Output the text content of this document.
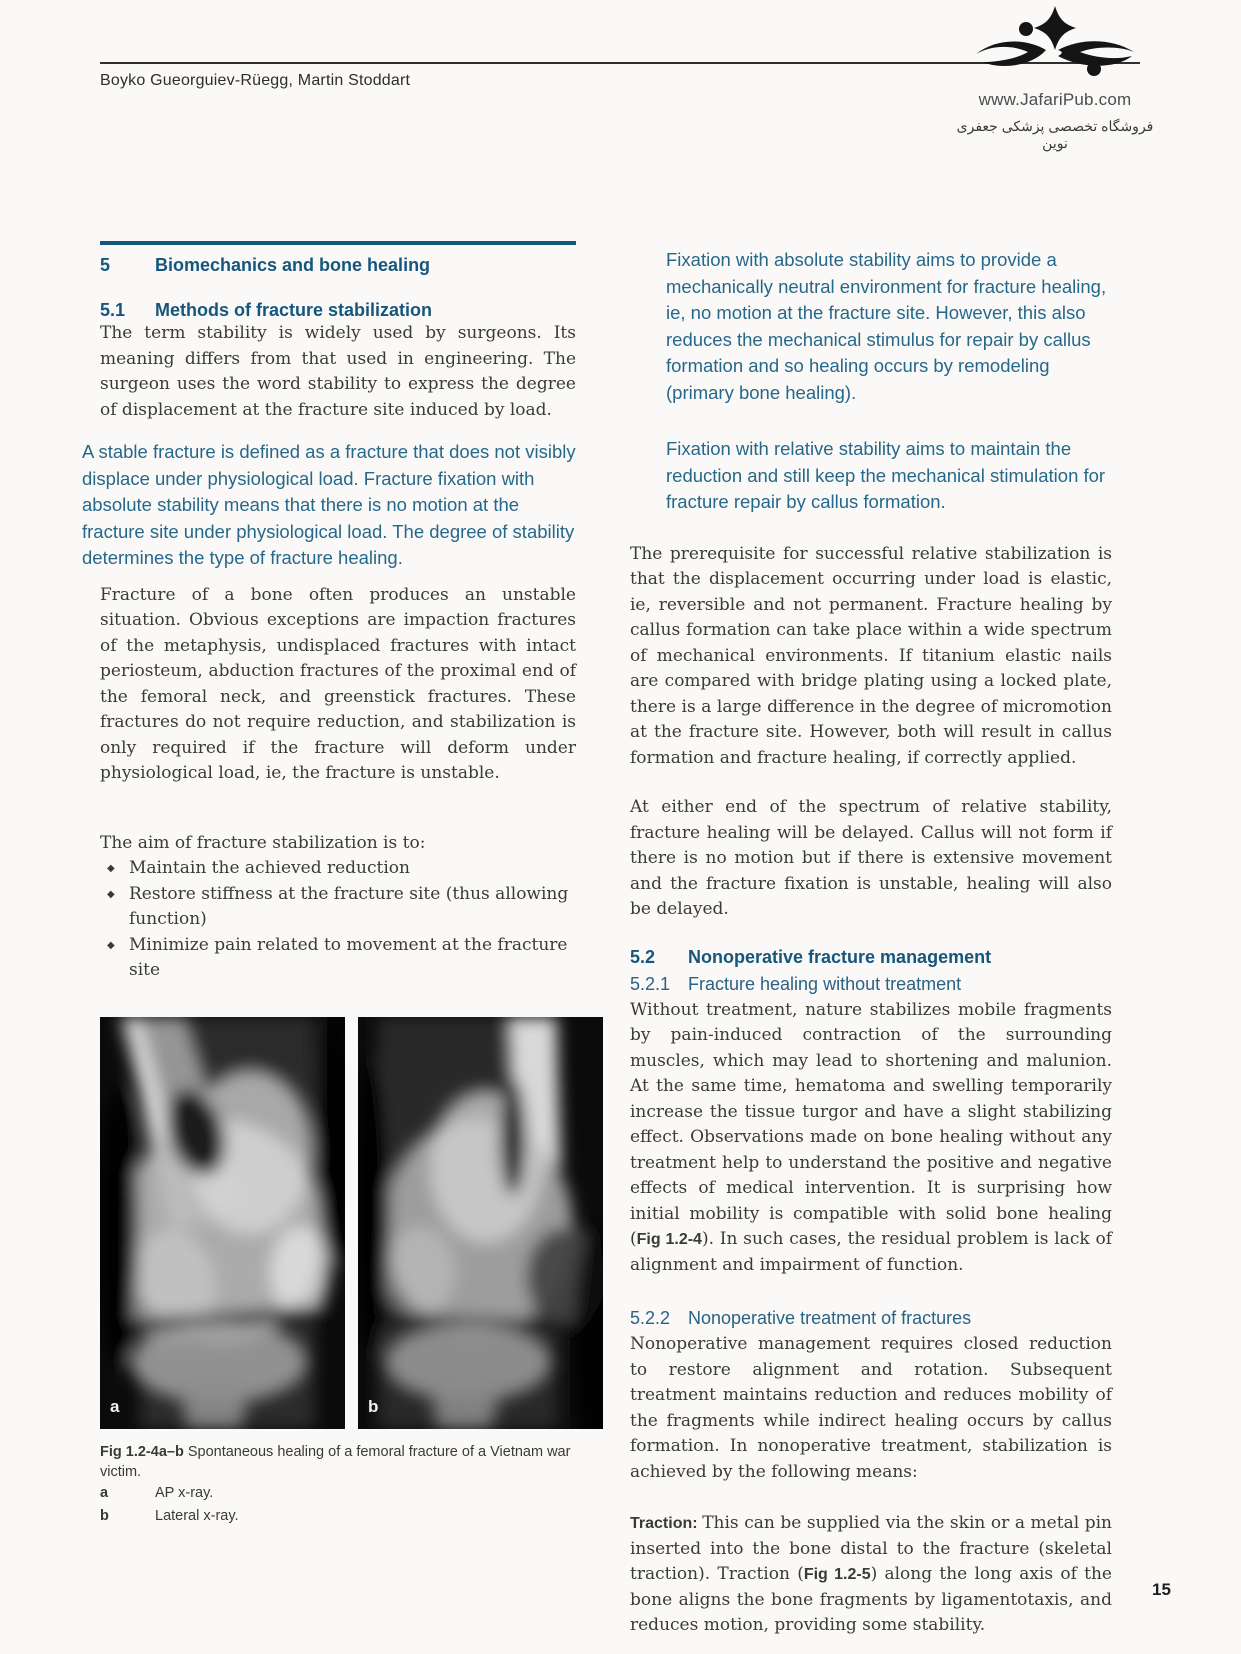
Boyko Gueorguiev-Rüegg, Martin Stoddart
www.JafariPub.com
فروشگاه تخصصی پزشکی جعفری نوین
5 Biomechanics and bone healing
5.1 Methods of fracture stabilization

The term stability is widely used by surgeons. Its meaning differs from that used in engineering. The surgeon uses the word stability to express the degree of displacement at the fracture site induced by load.

A stable fracture is defined as a fracture that does not visibly displace under physiological load. Fracture fixation with absolute stability means that there is no motion at the fracture site under physiological load. The degree of stability determines the type of fracture healing.

Fracture of a bone often produces an unstable situation. Obvious exceptions are impaction fractures of the metaphysis, undisplaced fractures with intact periosteum, abduction fractures of the proximal end of the femoral neck, and greenstick fractures. These fractures do not require reduction, and stabilization is only required if the fracture will deform under physiological load, ie, the fracture is unstable.

The aim of fracture stabilization is to:

◆ Maintain the achieved reduction
◆ Restore stiffness at the fracture site (thus allowing function)
◆ Minimize pain related to movement at the fracture site
a	b
Fig 1.2-4a–b Spontaneous healing of a femoral fracture of a Vietnam war victim.
a	AP x-ray.
b	Lateral x-ray.

Fixation with absolute stability aims to provide a mechanically neutral environment for fracture healing, ie, no motion at the fracture site. However, this also reduces the mechanical stimulus for repair by callus formation and so healing occurs by remodeling (primary bone healing).

Fixation with relative stability aims to maintain the reduction and still keep the mechanical stimulation for fracture repair by callus formation.

The prerequisite for successful relative stabilization is that the displacement occurring under load is elastic, ie, reversible and not permanent. Fracture healing by callus formation can take place within a wide spectrum of mechanical environments. If titanium elastic nails are compared with bridge plating using a locked plate, there is a large difference in the degree of micromotion at the fracture site. However, both will result in callus formation and fracture healing, if correctly applied.

At either end of the spectrum of relative stability, fracture healing will be delayed. Callus will not form if there is no motion but if there is extensive movement and the fracture fixation is unstable, healing will also be delayed.

5.2 Nonoperative fracture management
5.2.1 Fracture healing without treatment

Without treatment, nature stabilizes mobile fragments by pain-induced contraction of the surrounding muscles, which may lead to shortening and malunion. At the same time, hematoma and swelling temporarily increase the tissue turgor and have a slight stabilizing effect. Observations made on bone healing without any treatment help to understand the positive and negative effects of medical intervention. It is surprising how initial mobility is compatible with solid bone healing (Fig 1.2-4). In such cases, the residual problem is lack of alignment and impairment of function.

5.2.2 Nonoperative treatment of fractures

Nonoperative management requires closed reduction to restore alignment and rotation. Subsequent treatment maintains reduction and reduces mobility of the fragments while indirect healing occurs by callus formation. In nonoperative treatment, stabilization is achieved by the following means:

Traction: This can be supplied via the skin or a metal pin inserted into the bone distal to the fracture (skeletal traction). Traction (Fig 1.2-5) along the long axis of the bone aligns the bone fragments by ligamentotaxis, and reduces motion, providing some stability.

15
